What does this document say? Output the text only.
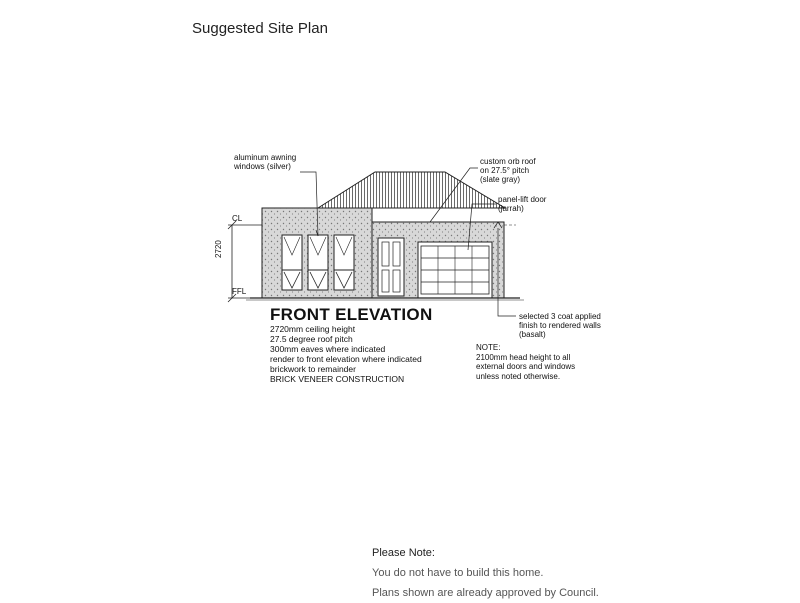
Suggested Site Plan
aluminum awning
windows (silver)
custom orb roof
on 27.5° pitch
(slate gray)
panel-lift door
(jarrah)
selected 3 coat applied
finish to rendered walls
(basalt)
CL
FFL
2720
FRONT ELEVATION
2720mm ceiling height
27.5 degree roof pitch
300mm eaves where indicated
render to front elevation where indicated
brickwork to remainder
BRICK VENEER CONSTRUCTION
NOTE:
2100mm head height to all
external doors and windows
unless noted otherwise.
Please Note:
You do not have to build this home.
Plans shown are already approved by Council.
